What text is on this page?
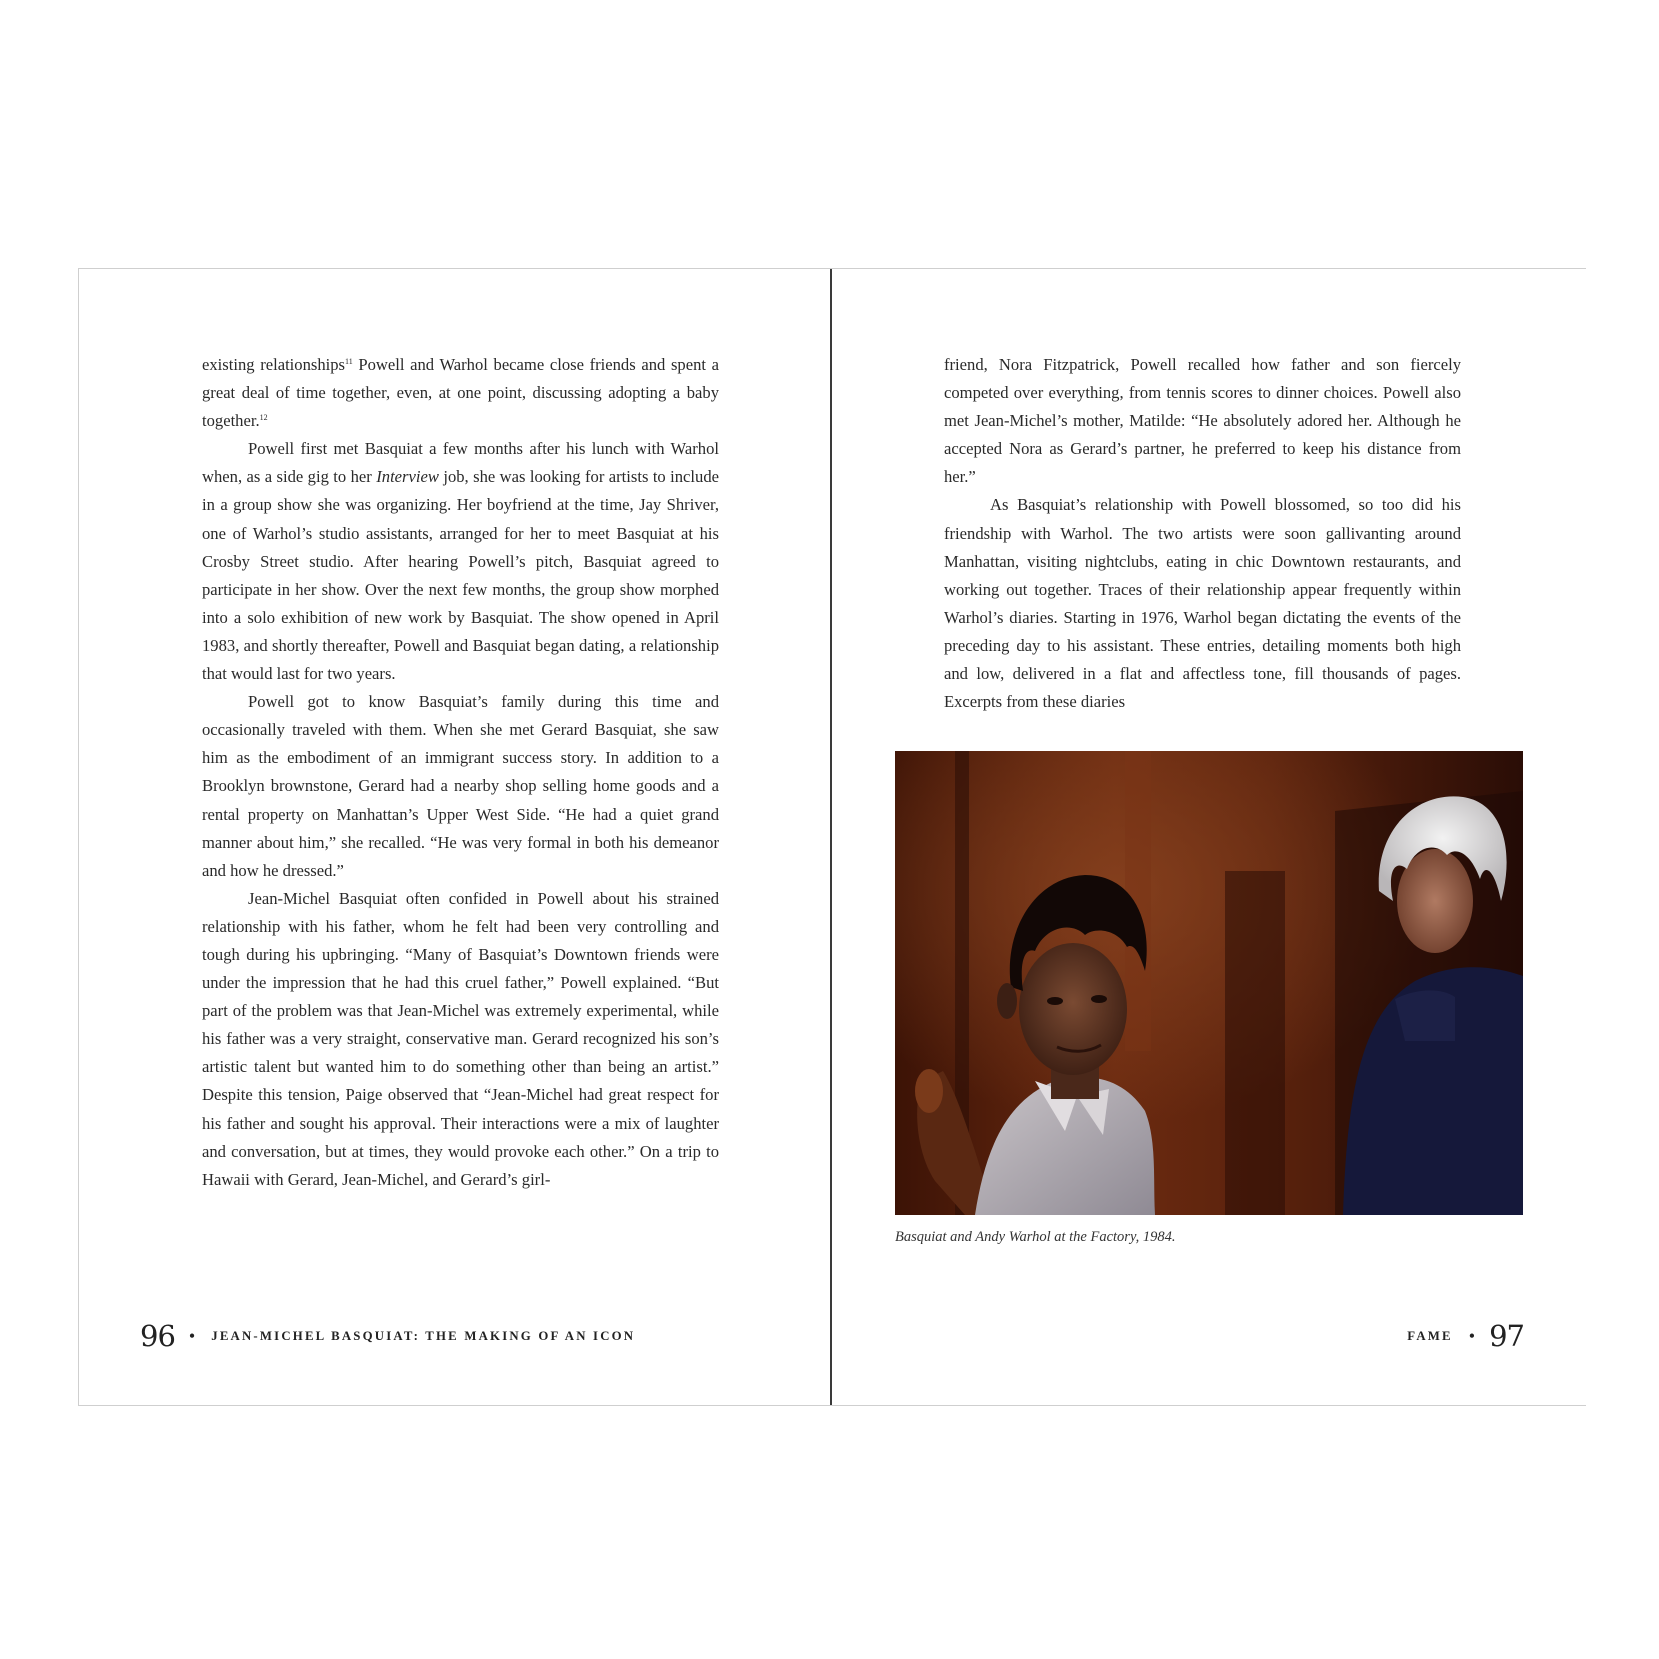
existing relationships$^{11}$ Powell and Warhol became close friends and spent a great deal of time together, even, at one point, discussing adopting a baby together.$^{12}$

Powell first met Basquiat a few months after his lunch with Warhol when, as a side gig to her Interview job, she was looking for artists to include in a group show she was organizing. Her boyfriend at the time, Jay Shriver, one of Warhol’s studio assistants, arranged for her to meet Basquiat at his Crosby Street studio. After hearing Powell’s pitch, Basquiat agreed to participate in her show. Over the next few months, the group show morphed into a solo exhibition of new work by Basquiat. The show opened in April 1983, and shortly thereafter, Powell and Basquiat began dating, a relationship that would last for two years.

Powell got to know Basquiat’s family during this time and occasionally traveled with them. When she met Gerard Basquiat, she saw him as the embodiment of an immigrant success story. In addition to a Brooklyn brownstone, Gerard had a nearby shop selling home goods and a rental property on Manhattan’s Upper West Side. “He had a quiet grand manner about him,” she recalled. “He was very formal in both his demeanor and how he dressed.”

Jean-Michel Basquiat often confided in Powell about his strained relationship with his father, whom he felt had been very controlling and tough during his upbringing. “Many of Basquiat’s Downtown friends were under the impression that he had this cruel father,” Powell explained. “But part of the problem was that Jean-Michel was extremely experimental, while his father was a very straight, conservative man. Gerard recognized his son’s artistic talent but wanted him to do something other than being an artist.” Despite this tension, Paige observed that “Jean-Michel had great respect for his father and sought his approval. Their interactions were a mix of laughter and conversation, but at times, they would provoke each other.” On a trip to Hawaii with Gerard, Jean-Michel, and Gerard’s girl-

96 • JEAN-MICHEL BASQUIAT: THE MAKING OF AN ICON

friend, Nora Fitzpatrick, Powell recalled how father and son fiercely competed over everything, from tennis scores to dinner choices. Powell also met Jean-Michel’s mother, Matilde: “He absolutely adored her. Although he accepted Nora as Gerard’s partner, he preferred to keep his distance from her.”

As Basquiat’s relationship with Powell blossomed, so too did his friendship with Warhol. The two artists were soon gallivanting around Manhattan, visiting nightclubs, eating in chic Downtown restaurants, and working out together. Traces of their relationship appear frequently within Warhol’s diaries. Starting in 1976, Warhol began dictating the events of the preceding day to his assistant. These entries, detailing moments both high and low, delivered in a flat and affectless tone, fill thousands of pages. Excerpts from these diaries

Basquiat and Andy Warhol at the Factory, 1984.
FAME • 97
